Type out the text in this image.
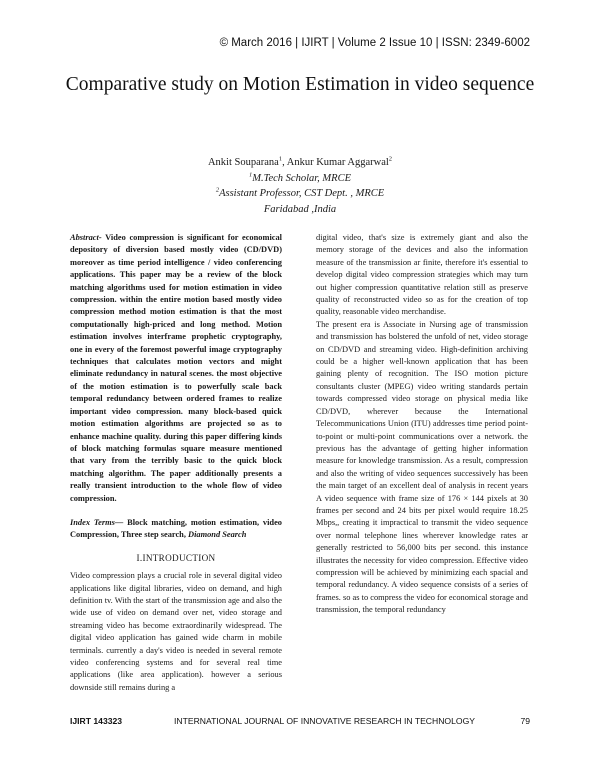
© March 2016 | IJIRT | Volume 2 Issue 10 | ISSN: 2349-6002
Comparative study on Motion Estimation in video sequence
Ankit Souparana$^1$, Ankur Kumar Aggarwal$^2$
$^1$M.Tech Scholar, MRCE
$^2$Assistant Professor, CST Dept. , MRCE
Faridabad ,India

Abstract- Video compression is significant for economical depository of diversion based mostly video (CD/DVD) moreover as time period intelligence / video conferencing applications. This paper may be a review of the block matching algorithms used for motion estimation in video compression. within the entire motion based mostly video compression method motion estimation is that the most computationally high-priced and long method. Motion estimation involves interframe prophetic cryptography, one in every of the foremost powerful image cryptography techniques that calculates motion vectors and might eliminate redundancy in natural scenes. the most objective of the motion estimation is to powerfully scale back temporal redundancy between ordered frames to realize important video compression. many block-based quick motion estimation algorithms are projected so as to enhance machine quality. during this paper differing kinds of block matching formulas square measure mentioned that vary from the terribly basic to the quick block matching algorithm. The paper additionally presents a really transient introduction to the whole flow of video compression.

Index Terms— Block matching, motion estimation, video Compression, Three step search, Diamond Search

I.INTRODUCTION

Video compression plays a crucial role in several digital video applications like digital libraries, video on demand, and high definition tv. With the start of the transmission age and also the wide use of video on demand over net, video storage and streaming video has become extraordinarily widespread. The digital video application has gained wide charm in mobile terminals. currently a day's video is needed in several remote video conferencing systems and for several real time applications (like area application). however a serious downside still remains during a

digital video, that's size is extremely giant and also the memory storage of the devices and also the information measure of the transmission ar finite, therefore it's essential to develop digital video compression strategies which may turn out higher compression quantitative relation still as preserve quality of reconstructed video so as for the creation of top quality, reasonable video merchandise.

The present era is Associate in Nursing age of transmission and transmission has bolstered the unfold of net, video storage on CD/DVD and streaming video. High-definition archiving could be a higher well-known application that has been gaining plenty of recognition. The ISO motion picture consultants cluster (MPEG) video writing standards pertain towards compressed video storage on physical media like CD/DVD, wherever because the International Telecommunications Union (ITU) addresses time period point-to-point or multi-point communications over a network. the previous has the advantage of getting higher information measure for knowledge transmission. As a result, compression and also the writing of video sequences successively has been the main target of an excellent deal of analysis in recent years A video sequence with frame size of 176 × 144 pixels at 30 frames per second and 24 bits per pixel would require 18.25 Mbps,, creating it impractical to transmit the video sequence over normal telephone lines wherever knowledge rates ar generally restricted to 56,000 bits per second. this instance illustrates the necessity for video compression. Effective video compression will be achieved by minimizing each spacial and temporal redundancy. A video sequence consists of a series of frames. so as to compress the video for economical storage and transmission, the temporal redundancy

IJIRT 143323	INTERNATIONAL JOURNAL OF INNOVATIVE RESEARCH IN TECHNOLOGY	79
